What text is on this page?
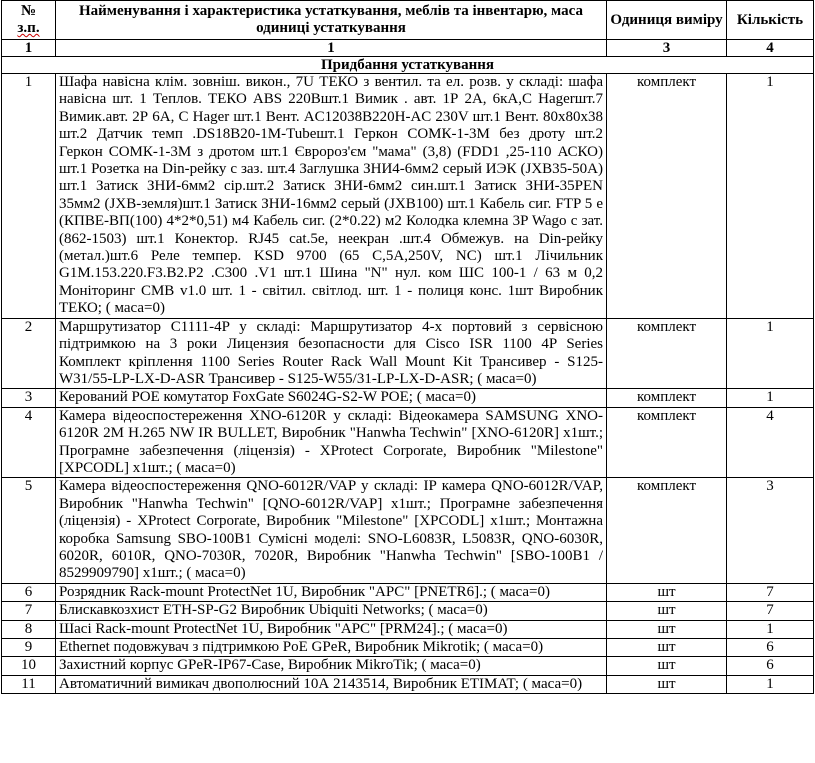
№
з.п.	Найменування і характеристика устаткування, меблів та інвентарю, маса одиниці устаткування	Одиниця виміру	Кількість
1	1	3	4
Придбання устаткування			
1	Шафа навісна клім. зовніш. викон., 7U ТЕКО з вентил. та ел. розв. у складі: шафа навісна шт. 1 Теплов. ТЕКО ABS 220Вшт.1 Вимик . авт. 1Р 2А, 6кА,С Hagerшт.7 Вимик.авт. 2Р 6А, С Hager шт.1 Вент. AC12038B220H-AC 230V шт.1 Вент. 80х80х38 шт.2 Датчик темп .DS18B20-1M-Tubeшт.1 Геркон СОМК-1-3М без дроту шт.2 Геркон СОМК-1-3М з дротом шт.1 Євророз'єм "мама" (3,8) (FDD1 ,25-110 АСКО) шт.1 Розетка на Din-рейку с заз. шт.4 Заглушка ЗНИ4-6мм2 серый ИЭК (JXB35-50A) шт.1 Затиск ЗНИ-6мм2 сір.шт.2 Затиск ЗНИ-6мм2 син.шт.1 Затиск ЗНИ-35PEN 35мм2 (JXB-земля)шт.1 Затиск ЗНИ-16мм2 серый (JXB100) шт.1 Кабель сиг. FTP 5 е (КПВЕ-ВП(100) 4*2*0,51) м4 Кабель сиг. (2*0.22) м2 Колодка клемна 3P Wago с зат. (862-1503) шт.1 Конектор. RJ45 cat.5e, неекран .шт.4 Обмежув. на Din-рейку (метал.)шт.6 Реле темпер. KSD 9700 (65 С,5А,250V, NC) шт.1 Лічильник G1M.153.220.F3.B2.P2 .C300 .V1 шт.1 Шина "N" нул. ком ШС 100-1 / 63 м 0,2 Моніторинг СМВ v1.0 шт. 1 - світил. світлод. шт. 1 - полиця конс. 1шт Виробник ТЕКО; ( маса=0)	комплект	1
2	Маршрутизатор C1111-4P у складі: Маршрутизатор 4-х портовий з сервісною підтримкою на 3 роки Лицензия безопасности для Cisco ISR 1100 4P Series Комплект кріплення 1100 Series Router Rack Wall Mount Kit Трансивер - S125-W31/55-LP-LX-D-ASR Трансивер - S125-W55/31-LP-LX-D-ASR; ( маса=0)	комплект	1
3	Керований POE комутатор FoxGate S6024G-S2-W POE; ( маса=0)	комплект	1
4	Камера відеоспостереження XNO-6120R у складі: Відеокамера SAMSUNG XNO-6120R 2M H.265 NW IR BULLET, Виробник "Hanwha Techwin" [XNO-6120R] х1шт.; Програмне забезпечення (ліцензія) - XProtect Corporate, Виробник "Milestone" [XPCODL] х1шт.; ( маса=0)	комплект	4
5	Камера відеоспостереження QNO-6012R/VAP у складі: IP камера QNO-6012R/VAP, Виробник "Hanwha Techwin" [QNO-6012R/VAP] х1шт.; Програмне забезпечення (ліцензія) - XProtect Corporate, Виробник "Milestone" [XPCODL] х1шт.; Монтажна коробка Samsung SBO-100B1 Сумісні моделі: SNO-L6083R, L5083R, QNO-6030R, 6020R, 6010R, QNO-7030R, 7020R, Виробник "Hanwha Techwin" [SBO-100B1 / 8529909790] х1шт.; ( маса=0)	комплект	3
6	Розрядник Rack-mount ProtectNet 1U, Виробник "APC" [PNETR6].; ( маса=0)	шт	7
7	Блискавкозхист ETH-SP-G2 Виробник Ubiquiti Networks; ( маса=0)	шт	7
8	Шасі Rack-mount ProtectNet 1U, Виробник "APC" [PRM24].; ( маса=0)	шт	1
9	Ethernet подовжувач з підтримкою PoE GPeR, Виробник Mikrotik; ( маса=0)	шт	6
10	Захистний корпус GPeR-IP67-Case, Виробник MikroTik; ( маса=0)	шт	6
11	Автоматичний вимикач двополюсний 10А 2143514, Виробник ETIMAT; ( маса=0)	шт	1
